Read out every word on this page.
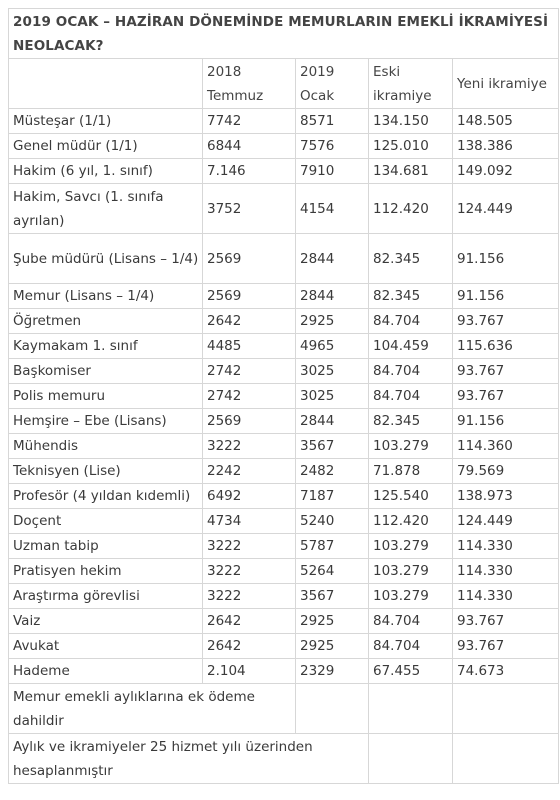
2019 OCAK – HAZİRAN DÖNEMİNDE MEMURLARIN EMEKLİ İKRAMİYESİ NEOLACAK?				
	2018 Temmuz	2019 Ocak	Eski ikramiye	Yeni ikramiye
Müsteşar (1/1)	7742	8571	134.150	148.505
Genel müdür (1/1)	6844	7576	125.010	138.386
Hakim (6 yıl, 1. sınıf)	7.146	7910	134.681	149.092
Hakim, Savcı (1. sınıfa ayrılan)	3752	4154	112.420	124.449
Şube müdürü (Lisans – 1/4)	2569	2844	82.345	91.156
Memur (Lisans – 1/4)	2569	2844	82.345	91.156
Öğretmen	2642	2925	84.704	93.767
Kaymakam 1. sınıf	4485	4965	104.459	115.636
Başkomiser	2742	3025	84.704	93.767
Polis memuru	2742	3025	84.704	93.767
Hemşire – Ebe (Lisans)	2569	2844	82.345	91.156
Mühendis	3222	3567	103.279	114.360
Teknisyen (Lise)	2242	2482	71.878	79.569
Profesör (4 yıldan kıdemli)	6492	7187	125.540	138.973
Doçent	4734	5240	112.420	124.449
Uzman tabip	3222	5787	103.279	114.330
Pratisyen hekim	3222	5264	103.279	114.330
Araştırma görevlisi	3222	3567	103.279	114.330
Vaiz	2642	2925	84.704	93.767
Avukat	2642	2925	84.704	93.767
Hademe	2.104	2329	67.455	74.673
Memur emekli aylıklarına ek ödeme dahildir				
Aylık ve ikramiyeler 25 hizmet yılı üzerinden hesaplanmıştır				
